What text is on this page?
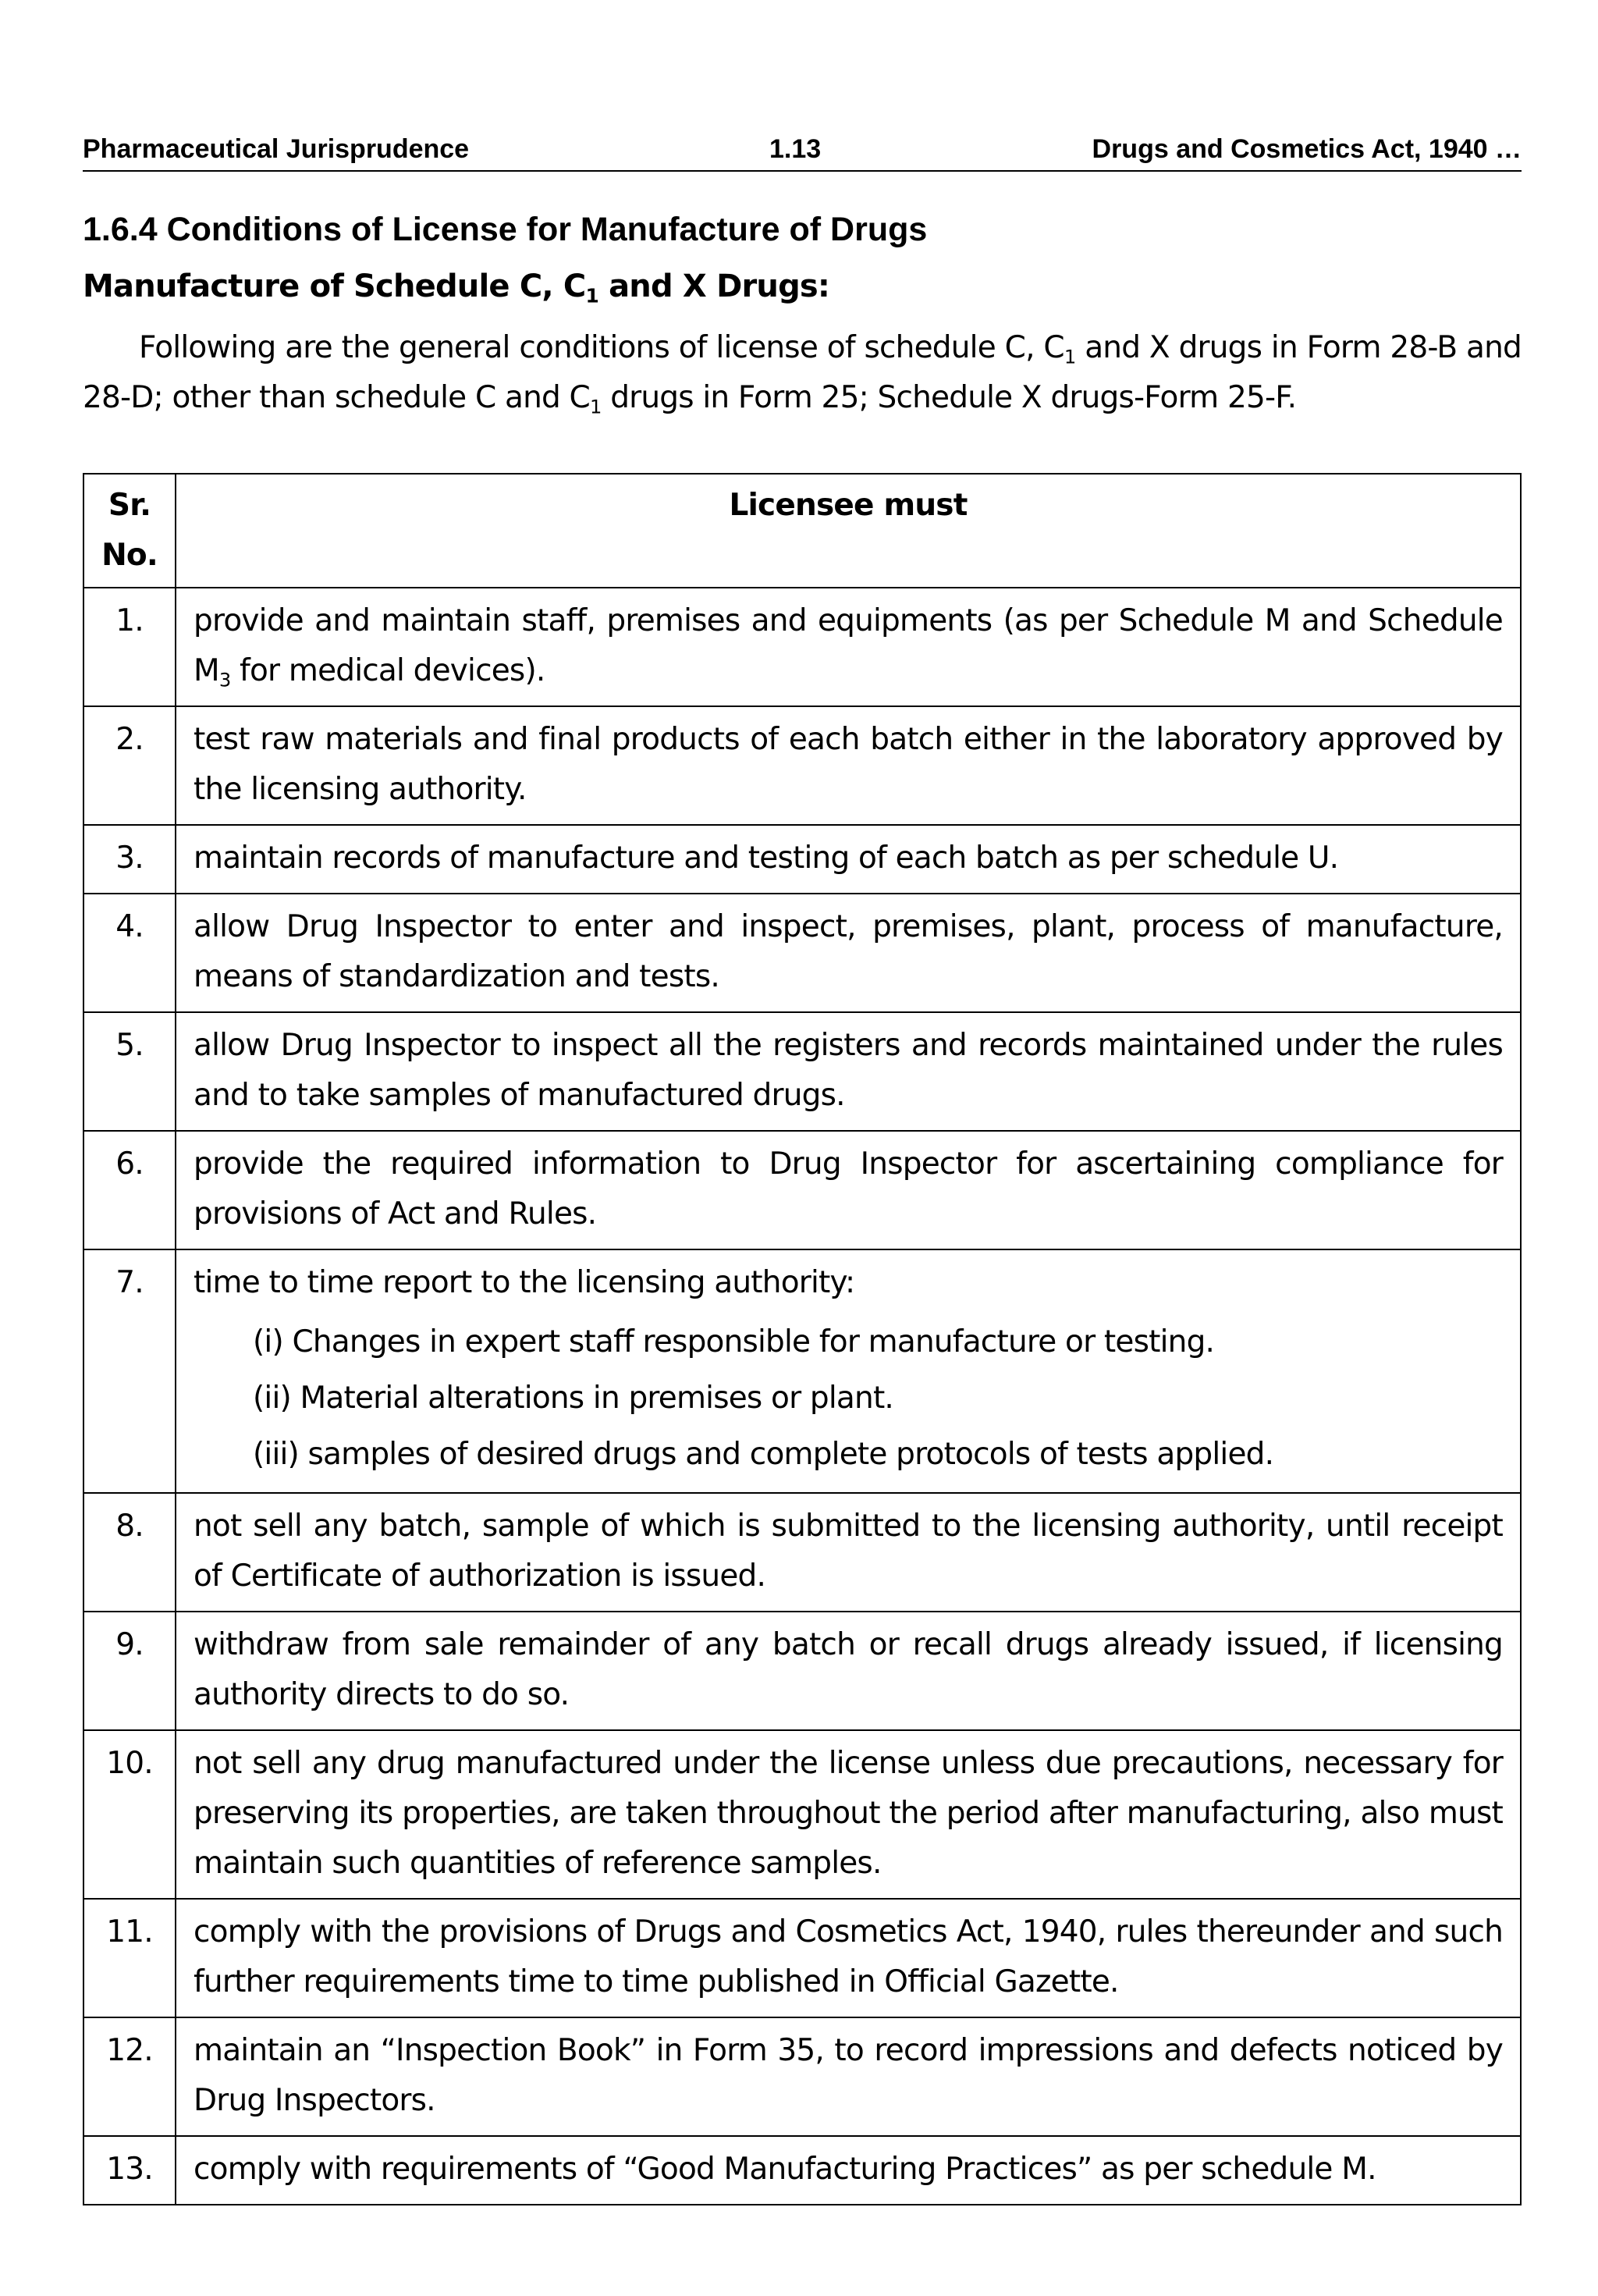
Pharmaceutical Jurisprudence	1.13	Drugs and Cosmetics Act, 1940 …
1.6.4 Conditions of License for Manufacture of Drugs
Manufacture of Schedule C, $C_1$ and X Drugs:
Following are the general conditions of license of schedule C, $C_1$ and X drugs in Form 28-B and 28-D; other than schedule C and $C_1$ drugs in Form 25; Schedule X drugs-Form 25-F.
Sr. No.	Licensee must
1.	provide and maintain staff, premises and equipments (as per Schedule M and Schedule $M_3$ for medical devices).
2.	test raw materials and final products of each batch either in the laboratory approved by the licensing authority.
3.	maintain records of manufacture and testing of each batch as per schedule U.
4.	allow Drug Inspector to enter and inspect, premises, plant, process of manufacture, means of standardization and tests.
5.	allow Drug Inspector to inspect all the registers and records maintained under the rules and to take samples of manufactured drugs.
6.	provide the required information to Drug Inspector for ascertaining compliance for provisions of Act and Rules.
7.	time to time report to the licensing authority:
(i) Changes in expert staff responsible for manufacture or testing.
(ii) Material alterations in premises or plant.
(iii) samples of desired drugs and complete protocols of tests applied.

8.	not sell any batch, sample of which is submitted to the licensing authority, until receipt of Certificate of authorization is issued.
9.	withdraw from sale remainder of any batch or recall drugs already issued, if licensing authority directs to do so.
10.	not sell any drug manufactured under the license unless due precautions, necessary for preserving its properties, are taken throughout the period after manufacturing, also must maintain such quantities of reference samples.
11.	comply with the provisions of Drugs and Cosmetics Act, 1940, rules thereunder and such further requirements time to time published in Official Gazette.
12.	maintain an “Inspection Book” in Form 35, to record impressions and defects noticed by Drug Inspectors.
13.	comply with requirements of “Good Manufacturing Practices” as per schedule M.
